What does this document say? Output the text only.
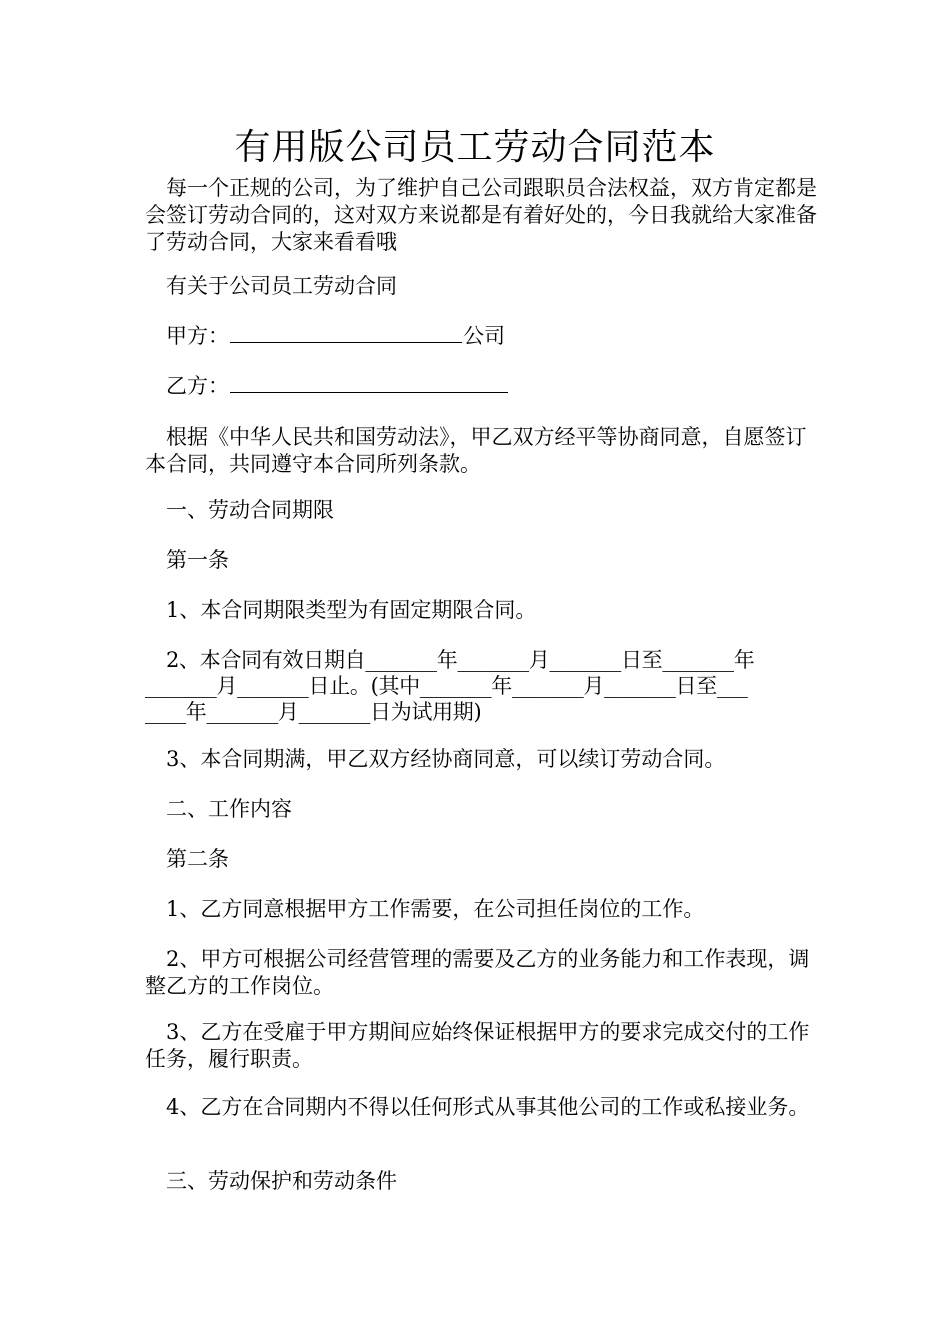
有用版公司员工劳动合同范本
每一个正规的公司，为了维护自己公司跟职员合法权益，双方肯定都是会签订劳动合同的，这对双方来说都是有着好处的，今日我就给大家准备了劳动合同，大家来看看哦
有关于公司员工劳动合同
甲方：	公司
乙方：
根据《中华人民共和国劳动法》，甲乙双方经平等协商同意，自愿签订本合同，共同遵守本合同所列条款。
一、劳动合同期限
第一条
1、本合同期限类型为有固定期限合同。
2、本合同有效日期自_______年_______月_______日至_______年
_______月_______日止。(其中_______年_______月_______日至___
____年_______月_______日为试用期)
3、本合同期满，甲乙双方经协商同意，可以续订劳动合同。
二、工作内容
第二条
1、乙方同意根据甲方工作需要，在公司担任岗位的工作。
2、甲方可根据公司经营管理的需要及乙方的业务能力和工作表现，调整乙方的工作岗位。
3、乙方在受雇于甲方期间应始终保证根据甲方的要求完成交付的工作任务，履行职责。
4、乙方在合同期内不得以任何形式从事其他公司的工作或私接业务。
三、劳动保护和劳动条件
